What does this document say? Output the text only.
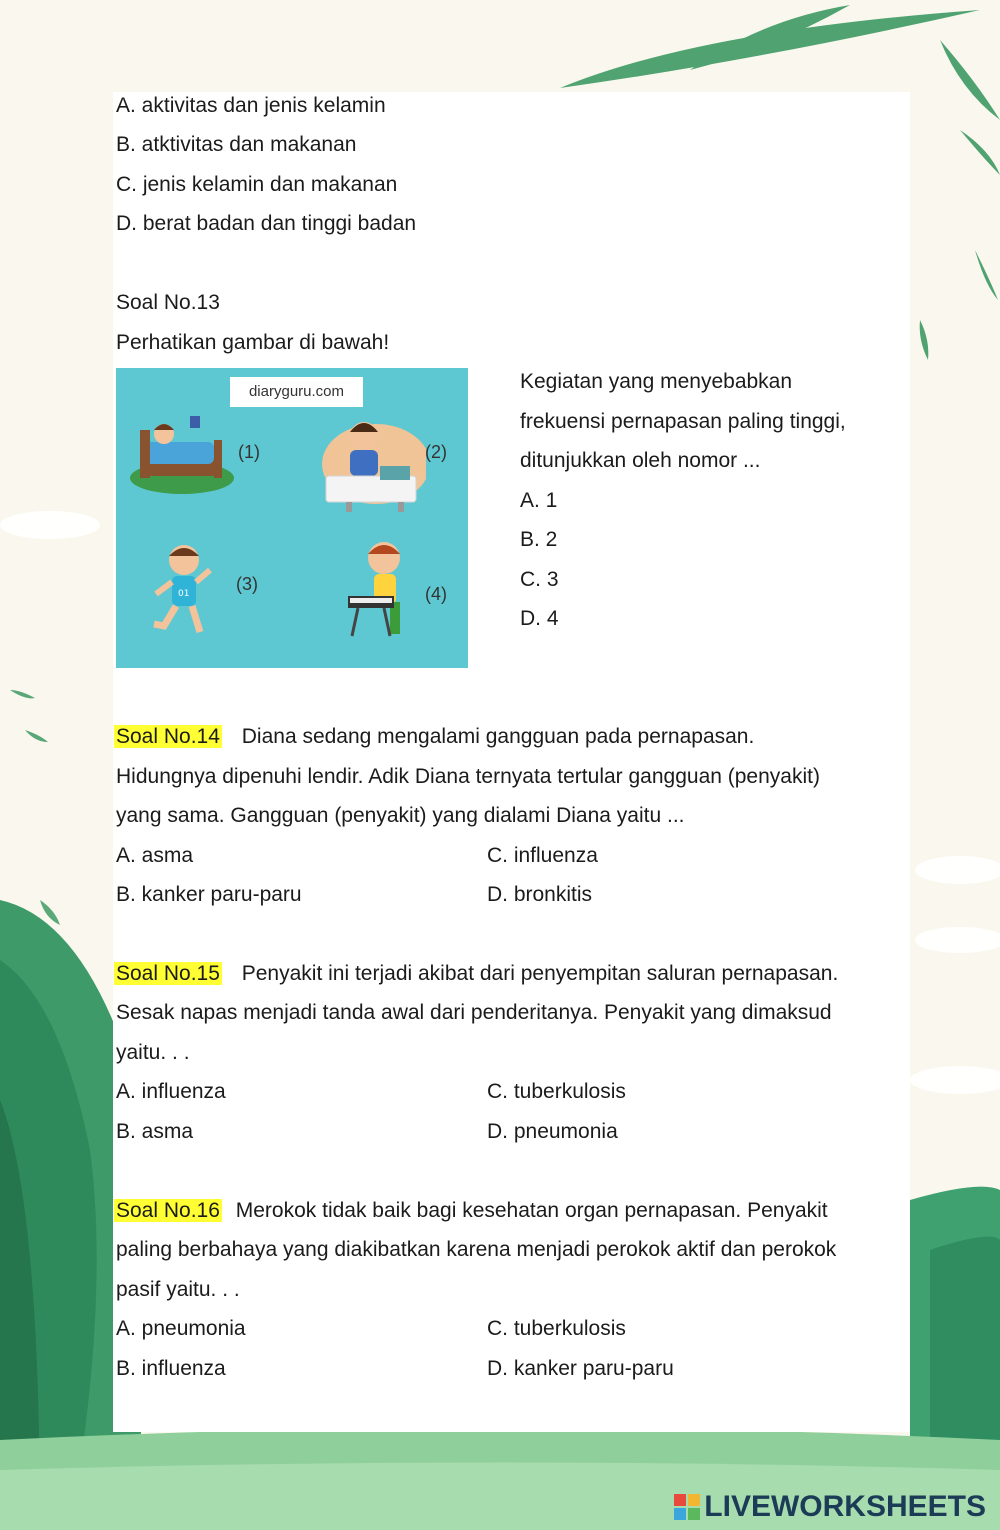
A. aktivitas dan jenis kelamin
B. atktivitas dan makanan
C. jenis kelamin dan makanan
D. berat badan dan tinggi badan
Soal No.13
Perhatikan gambar di bawah!
diaryguru.com
(1)	(2)
01	(3)	(4)
Kegiatan yang menyebabkan
frekuensi pernapasan paling tinggi,
ditunjukkan oleh nomor ...
A. 1
B. 2
C. 3
D. 4
Soal No.14 Diana sedang mengalami gangguan pada pernapasan.
Hidungnya dipenuhi lendir. Adik Diana ternyata tertular gangguan (penyakit)
yang sama. Gangguan (penyakit) yang dialami Diana yaitu ...
A. asma	C. influenza
B. kanker paru-paru	D. bronkitis
Soal No.15 Penyakit ini terjadi akibat dari penyempitan saluran pernapasan.
Sesak napas menjadi tanda awal dari penderitanya. Penyakit yang dimaksud
yaitu. . .
A. influenza	C. tuberkulosis
B. asma	D. pneumonia
Soal No.16 Merokok tidak baik bagi kesehatan organ pernapasan. Penyakit
paling berbahaya yang diakibatkan karena menjadi perokok aktif dan perokok
pasif yaitu. . .
A. pneumonia	C. tuberkulosis
B. influenza	D. kanker paru-paru
LIVEWORKSHEETS
